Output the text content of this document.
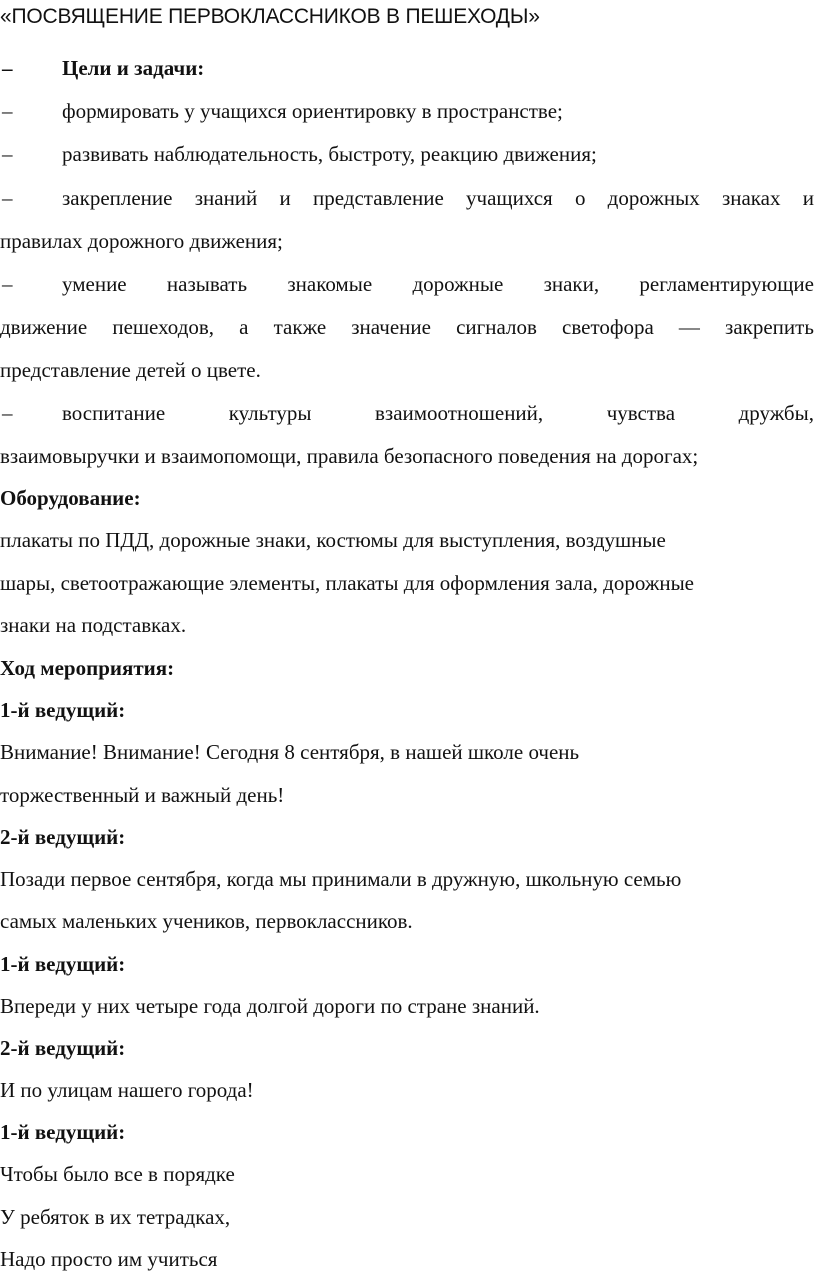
«ПОСВЯЩЕНИЕ ПЕРВОКЛАССНИКОВ В ПЕШЕХОДЫ»
– Цели и задачи:
– формировать у учащихся ориентировку в пространстве;
– развивать наблюдательность, быстроту, реакцию движения;
– закрепление знаний и представление учащихся о дорожных знаках и
правилах дорожного движения;
– умение называть знакомые дорожные знаки, регламентирующие
движение пешеходов, а также значение сигналов светофора — закрепить
представление детей о цвете.
– воспитание	культуры	взаимоотношений,	чувства	дружбы,
взаимовыручки и взаимопомощи, правила безопасного поведения на дорогах;
Оборудование:
плакаты по ПДД, дорожные знаки, костюмы для выступления, воздушные
шары, светоотражающие элементы, плакаты для оформления зала, дорожные
знаки на подставках.
Ход мероприятия:
1-й ведущий:
Внимание! Внимание! Сегодня 8 сентября, в нашей школе очень
торжественный и важный день!
2-й ведущий:
Позади первое сентября, когда мы принимали в дружную, школьную семью
самых маленьких учеников, первоклассников.
1-й ведущий:
Впереди у них четыре года долгой дороги по стране знаний.
2-й ведущий:
И по улицам нашего города!
1-й ведущий:
Чтобы было все в порядке
У ребяток в их тетрадках,
Надо просто им учиться
